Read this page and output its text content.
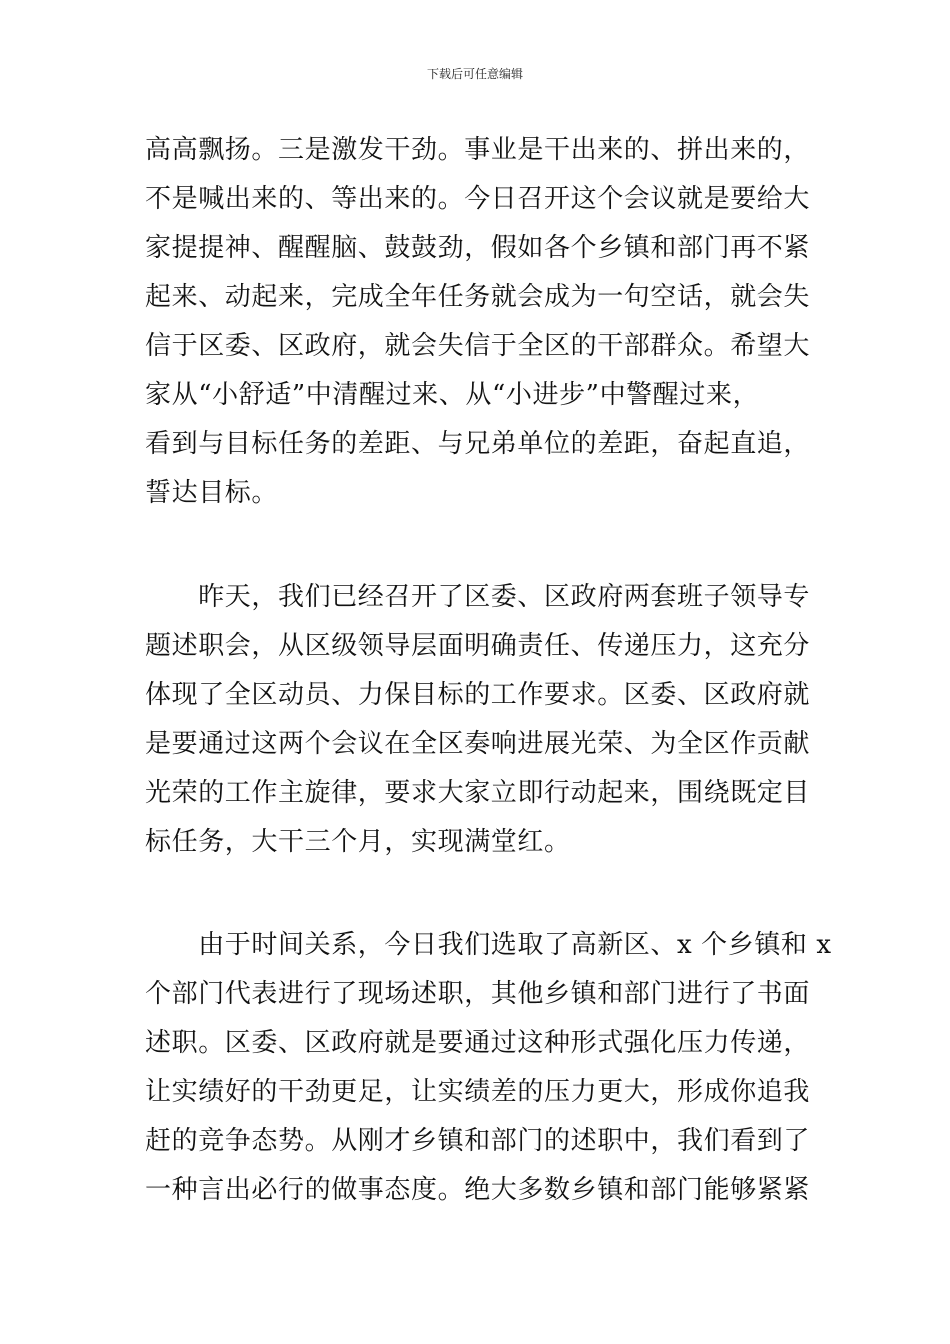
下载后可任意编辑
高高飘扬。三是激发干劲。事业是干出来的、拼出来的，
不是喊出来的、等出来的。今日召开这个会议就是要给大
家提提神、醒醒脑、鼓鼓劲，假如各个乡镇和部门再不紧
起来、动起来，完成全年任务就会成为一句空话，就会失
信于区委、区政府，就会失信于全区的干部群众。希望大
家从“小舒适”中清醒过来、从“小进步”中警醒过来，
看到与目标任务的差距、与兄弟单位的差距，奋起直追，
誓达目标。
　　昨天，我们已经召开了区委、区政府两套班子领导专
题述职会，从区级领导层面明确责任、传递压力，这充分
体现了全区动员、力保目标的工作要求。区委、区政府就
是要通过这两个会议在全区奏响进展光荣、为全区作贡献
光荣的工作主旋律，要求大家立即行动起来，围绕既定目
标任务，大干三个月，实现满堂红。
　　由于时间关系，今日我们选取了高新区、x 个乡镇和 x
个部门代表进行了现场述职，其他乡镇和部门进行了书面
述职。区委、区政府就是要通过这种形式强化压力传递，
让实绩好的干劲更足，让实绩差的压力更大，形成你追我
赶的竞争态势。从刚才乡镇和部门的述职中，我们看到了
一种言出必行的做事态度。绝大多数乡镇和部门能够紧紧
